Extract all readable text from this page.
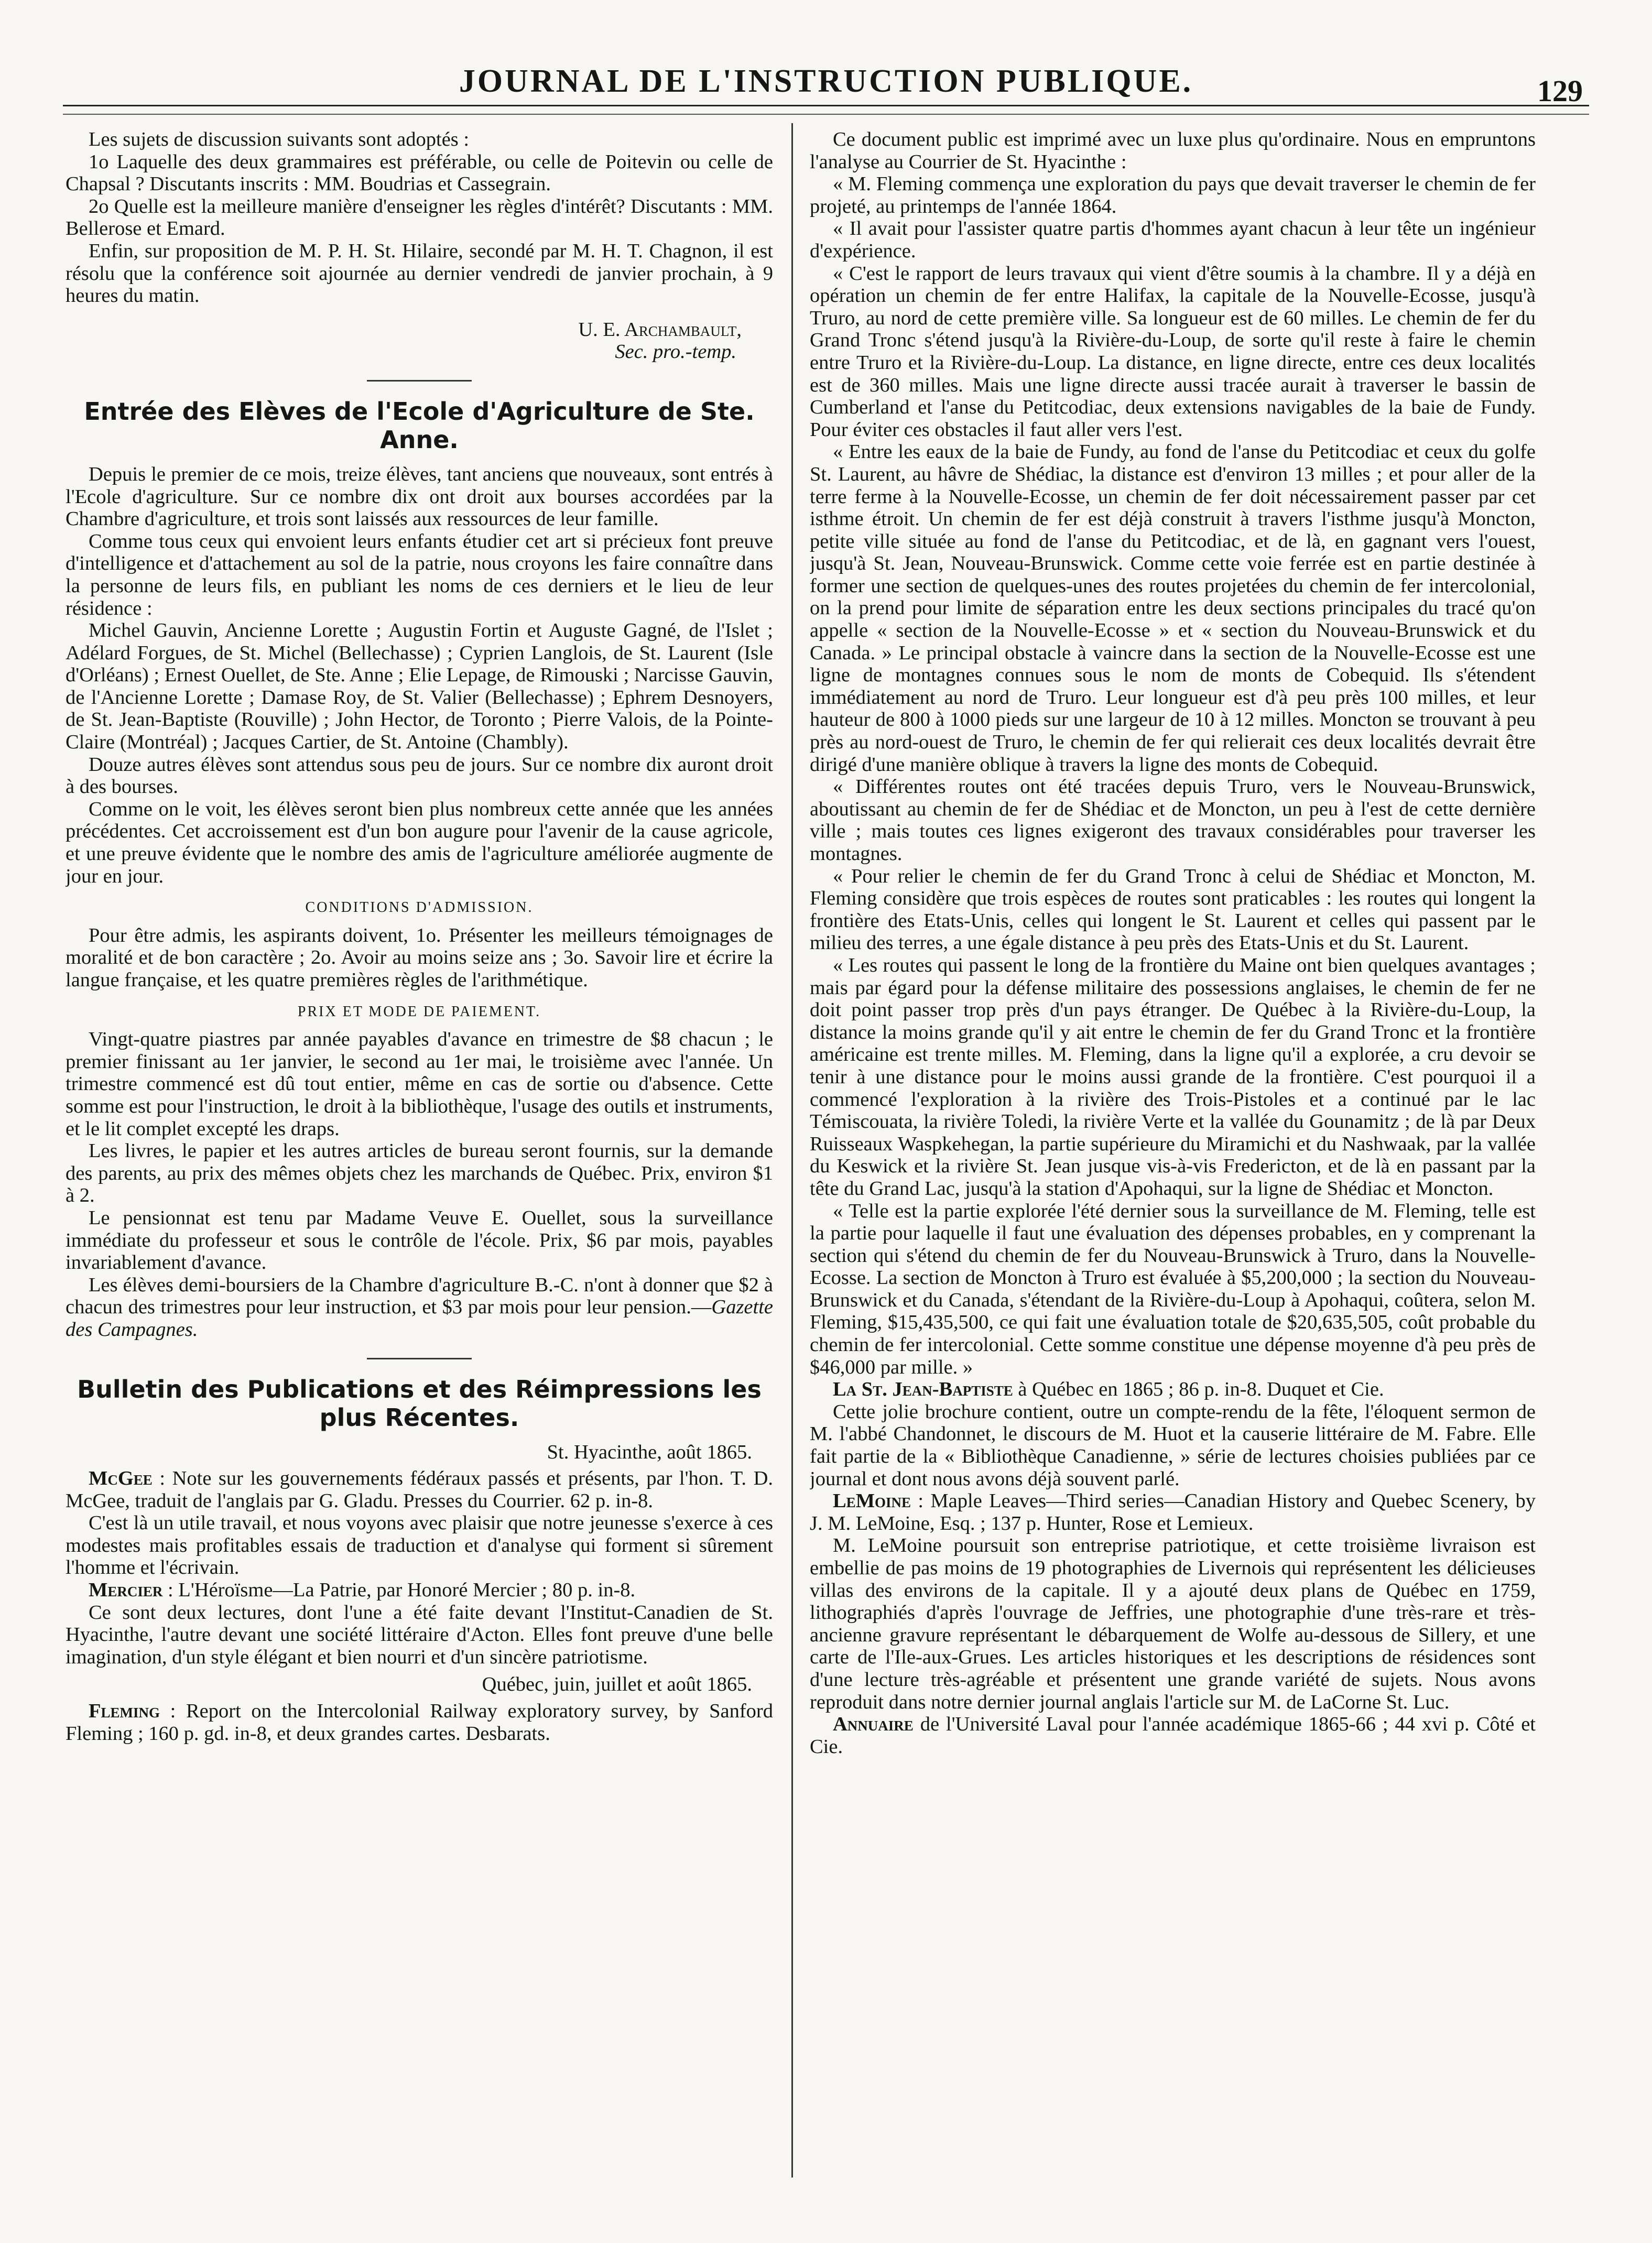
JOURNAL DE L'INSTRUCTION PUBLIQUE.	129

Les sujets de discussion suivants sont adoptés :

1o Laquelle des deux grammaires est préférable, ou celle de Poitevin ou celle de Chapsal ? Discutants inscrits : MM. Boudrias et Cassegrain.

2o Quelle est la meilleure manière d'enseigner les règles d'intérêt? Discutants : MM. Bellerose et Emard.

Enfin, sur proposition de M. P. H. St. Hilaire, secondé par M. H. T. Chagnon, il est résolu que la conférence soit ajournée au dernier vendredi de janvier prochain, à 9 heures du matin.

U. E. Archambault,

Sec. pro.-temp.

Entrée des Elèves de l'Ecole d'Agriculture de Ste. Anne.

Depuis le premier de ce mois, treize élèves, tant anciens que nouveaux, sont entrés à l'Ecole d'agriculture. Sur ce nombre dix ont droit aux bourses accordées par la Chambre d'agriculture, et trois sont laissés aux ressources de leur famille.

Comme tous ceux qui envoient leurs enfants étudier cet art si précieux font preuve d'intelligence et d'attachement au sol de la patrie, nous croyons les faire connaître dans la personne de leurs fils, en publiant les noms de ces derniers et le lieu de leur résidence :

Michel Gauvin, Ancienne Lorette ; Augustin Fortin et Auguste Gagné, de l'Islet ; Adélard Forgues, de St. Michel (Bellechasse) ; Cyprien Langlois, de St. Laurent (Isle d'Orléans) ; Ernest Ouellet, de Ste. Anne ; Elie Lepage, de Rimouski ; Narcisse Gauvin, de l'Ancienne Lorette ; Damase Roy, de St. Valier (Bellechasse) ; Ephrem Desnoyers, de St. Jean-Baptiste (Rouville) ; John Hector, de Toronto ; Pierre Valois, de la Pointe-Claire (Montréal) ; Jacques Cartier, de St. Antoine (Chambly).

Douze autres élèves sont attendus sous peu de jours. Sur ce nombre dix auront droit à des bourses.

Comme on le voit, les élèves seront bien plus nombreux cette année que les années précédentes. Cet accroissement est d'un bon augure pour l'avenir de la cause agricole, et une preuve évidente que le nombre des amis de l'agriculture améliorée augmente de jour en jour.

CONDITIONS D'ADMISSION.

Pour être admis, les aspirants doivent, 1o. Présenter les meilleurs témoignages de moralité et de bon caractère ; 2o. Avoir au moins seize ans ; 3o. Savoir lire et écrire la langue française, et les quatre premières règles de l'arithmétique.

PRIX ET MODE DE PAIEMENT.

Vingt-quatre piastres par année payables d'avance en trimestre de $8 chacun ; le premier finissant au 1er janvier, le second au 1er mai, le troisième avec l'année. Un trimestre commencé est dû tout entier, même en cas de sortie ou d'absence. Cette somme est pour l'instruction, le droit à la bibliothèque, l'usage des outils et instruments, et le lit complet excepté les draps.

Les livres, le papier et les autres articles de bureau seront fournis, sur la demande des parents, au prix des mêmes objets chez les marchands de Québec. Prix, environ $1 à 2.

Le pensionnat est tenu par Madame Veuve E. Ouellet, sous la surveillance immédiate du professeur et sous le contrôle de l'école. Prix, $6 par mois, payables invariablement d'avance.

Les élèves demi-boursiers de la Chambre d'agriculture B.-C. n'ont à donner que $2 à chacun des trimestres pour leur instruction, et $3 par mois pour leur pension.—Gazette des Campagnes.

Bulletin des Publications et des Réimpressions les plus Récentes.

St. Hyacinthe, août 1865.

McGee : Note sur les gouvernements fédéraux passés et présents, par l'hon. T. D. McGee, traduit de l'anglais par G. Gladu. Presses du Courrier. 62 p. in-8.

C'est là un utile travail, et nous voyons avec plaisir que notre jeunesse s'exerce à ces modestes mais profitables essais de traduction et d'analyse qui forment si sûrement l'homme et l'écrivain.

Mercier : L'Héroïsme—La Patrie, par Honoré Mercier ; 80 p. in-8.

Ce sont deux lectures, dont l'une a été faite devant l'Institut-Canadien de St. Hyacinthe, l'autre devant une société littéraire d'Acton. Elles font preuve d'une belle imagination, d'un style élégant et bien nourri et d'un sincère patriotisme.

Québec, juin, juillet et août 1865.

Fleming : Report on the Intercolonial Railway exploratory survey, by Sanford Fleming ; 160 p. gd. in-8, et deux grandes cartes. Desbarats.

Ce document public est imprimé avec un luxe plus qu'ordinaire. Nous en empruntons l'analyse au Courrier de St. Hyacinthe :

« M. Fleming commença une exploration du pays que devait traverser le chemin de fer projeté, au printemps de l'année 1864.

« Il avait pour l'assister quatre partis d'hommes ayant chacun à leur tête un ingénieur d'expérience.

« C'est le rapport de leurs travaux qui vient d'être soumis à la chambre. Il y a déjà en opération un chemin de fer entre Halifax, la capitale de la Nouvelle-Ecosse, jusqu'à Truro, au nord de cette première ville. Sa longueur est de 60 milles. Le chemin de fer du Grand Tronc s'étend jusqu'à la Rivière-du-Loup, de sorte qu'il reste à faire le chemin entre Truro et la Rivière-du-Loup. La distance, en ligne directe, entre ces deux localités est de 360 milles. Mais une ligne directe aussi tracée aurait à traverser le bassin de Cumberland et l'anse du Petitcodiac, deux extensions navigables de la baie de Fundy. Pour éviter ces obstacles il faut aller vers l'est.

« Entre les eaux de la baie de Fundy, au fond de l'anse du Petitcodiac et ceux du golfe St. Laurent, au hâvre de Shédiac, la distance est d'environ 13 milles ; et pour aller de la terre ferme à la Nouvelle-Ecosse, un chemin de fer doit nécessairement passer par cet isthme étroit. Un chemin de fer est déjà construit à travers l'isthme jusqu'à Moncton, petite ville située au fond de l'anse du Petitcodiac, et de là, en gagnant vers l'ouest, jusqu'à St. Jean, Nouveau-Brunswick. Comme cette voie ferrée est en partie destinée à former une section de quelques-unes des routes projetées du chemin de fer intercolonial, on la prend pour limite de séparation entre les deux sections principales du tracé qu'on appelle « section de la Nouvelle-Ecosse » et « section du Nouveau-Brunswick et du Canada. » Le principal obstacle à vaincre dans la section de la Nouvelle-Ecosse est une ligne de montagnes connues sous le nom de monts de Cobequid. Ils s'étendent immédiatement au nord de Truro. Leur longueur est d'à peu près 100 milles, et leur hauteur de 800 à 1000 pieds sur une largeur de 10 à 12 milles. Moncton se trouvant à peu près au nord-ouest de Truro, le chemin de fer qui relierait ces deux localités devrait être dirigé d'une manière oblique à travers la ligne des monts de Cobequid.

« Différentes routes ont été tracées depuis Truro, vers le Nouveau-Brunswick, aboutissant au chemin de fer de Shédiac et de Moncton, un peu à l'est de cette dernière ville ; mais toutes ces lignes exigeront des travaux considérables pour traverser les montagnes.

« Pour relier le chemin de fer du Grand Tronc à celui de Shédiac et Moncton, M. Fleming considère que trois espèces de routes sont praticables : les routes qui longent la frontière des Etats-Unis, celles qui longent le St. Laurent et celles qui passent par le milieu des terres, a une égale distance à peu près des Etats-Unis et du St. Laurent.

« Les routes qui passent le long de la frontière du Maine ont bien quelques avantages ; mais par égard pour la défense militaire des possessions anglaises, le chemin de fer ne doit point passer trop près d'un pays étranger. De Québec à la Rivière-du-Loup, la distance la moins grande qu'il y ait entre le chemin de fer du Grand Tronc et la frontière américaine est trente milles. M. Fleming, dans la ligne qu'il a explorée, a cru devoir se tenir à une distance pour le moins aussi grande de la frontière. C'est pourquoi il a commencé l'exploration à la rivière des Trois-Pistoles et a continué par le lac Témiscouata, la rivière Toledi, la rivière Verte et la vallée du Gounamitz ; de là par Deux Ruisseaux Waspkehegan, la partie supérieure du Miramichi et du Nashwaak, par la vallée du Keswick et la rivière St. Jean jusque vis-à-vis Fredericton, et de là en passant par la tête du Grand Lac, jusqu'à la station d'Apohaqui, sur la ligne de Shédiac et Moncton.

« Telle est la partie explorée l'été dernier sous la surveillance de M. Fleming, telle est la partie pour laquelle il faut une évaluation des dépenses probables, en y comprenant la section qui s'étend du chemin de fer du Nouveau-Brunswick à Truro, dans la Nouvelle-Ecosse. La section de Moncton à Truro est évaluée à $5,200,000 ; la section du Nouveau-Brunswick et du Canada, s'étendant de la Rivière-du-Loup à Apohaqui, coûtera, selon M. Fleming, $15,435,500, ce qui fait une évaluation totale de $20,635,505, coût probable du chemin de fer intercolonial. Cette somme constitue une dépense moyenne d'à peu près de $46,000 par mille. »

La St. Jean-Baptiste à Québec en 1865 ; 86 p. in-8. Duquet et Cie.

Cette jolie brochure contient, outre un compte-rendu de la fête, l'éloquent sermon de M. l'abbé Chandonnet, le discours de M. Huot et la causerie littéraire de M. Fabre. Elle fait partie de la « Bibliothèque Canadienne, » série de lectures choisies publiées par ce journal et dont nous avons déjà souvent parlé.

LeMoine : Maple Leaves—Third series—Canadian History and Quebec Scenery, by J. M. LeMoine, Esq. ; 137 p. Hunter, Rose et Lemieux.

M. LeMoine poursuit son entreprise patriotique, et cette troisième livraison est embellie de pas moins de 19 photographies de Livernois qui représentent les délicieuses villas des environs de la capitale. Il y a ajouté deux plans de Québec en 1759, lithographiés d'après l'ouvrage de Jeffries, une photographie d'une très-rare et très-ancienne gravure représentant le débarquement de Wolfe au-dessous de Sillery, et une carte de l'Ile-aux-Grues. Les articles historiques et les descriptions de résidences sont d'une lecture très-agréable et présentent une grande variété de sujets. Nous avons reproduit dans notre dernier journal anglais l'article sur M. de LaCorne St. Luc.

Annuaire de l'Université Laval pour l'année académique 1865-66 ; 44 xvi p. Côté et Cie.
